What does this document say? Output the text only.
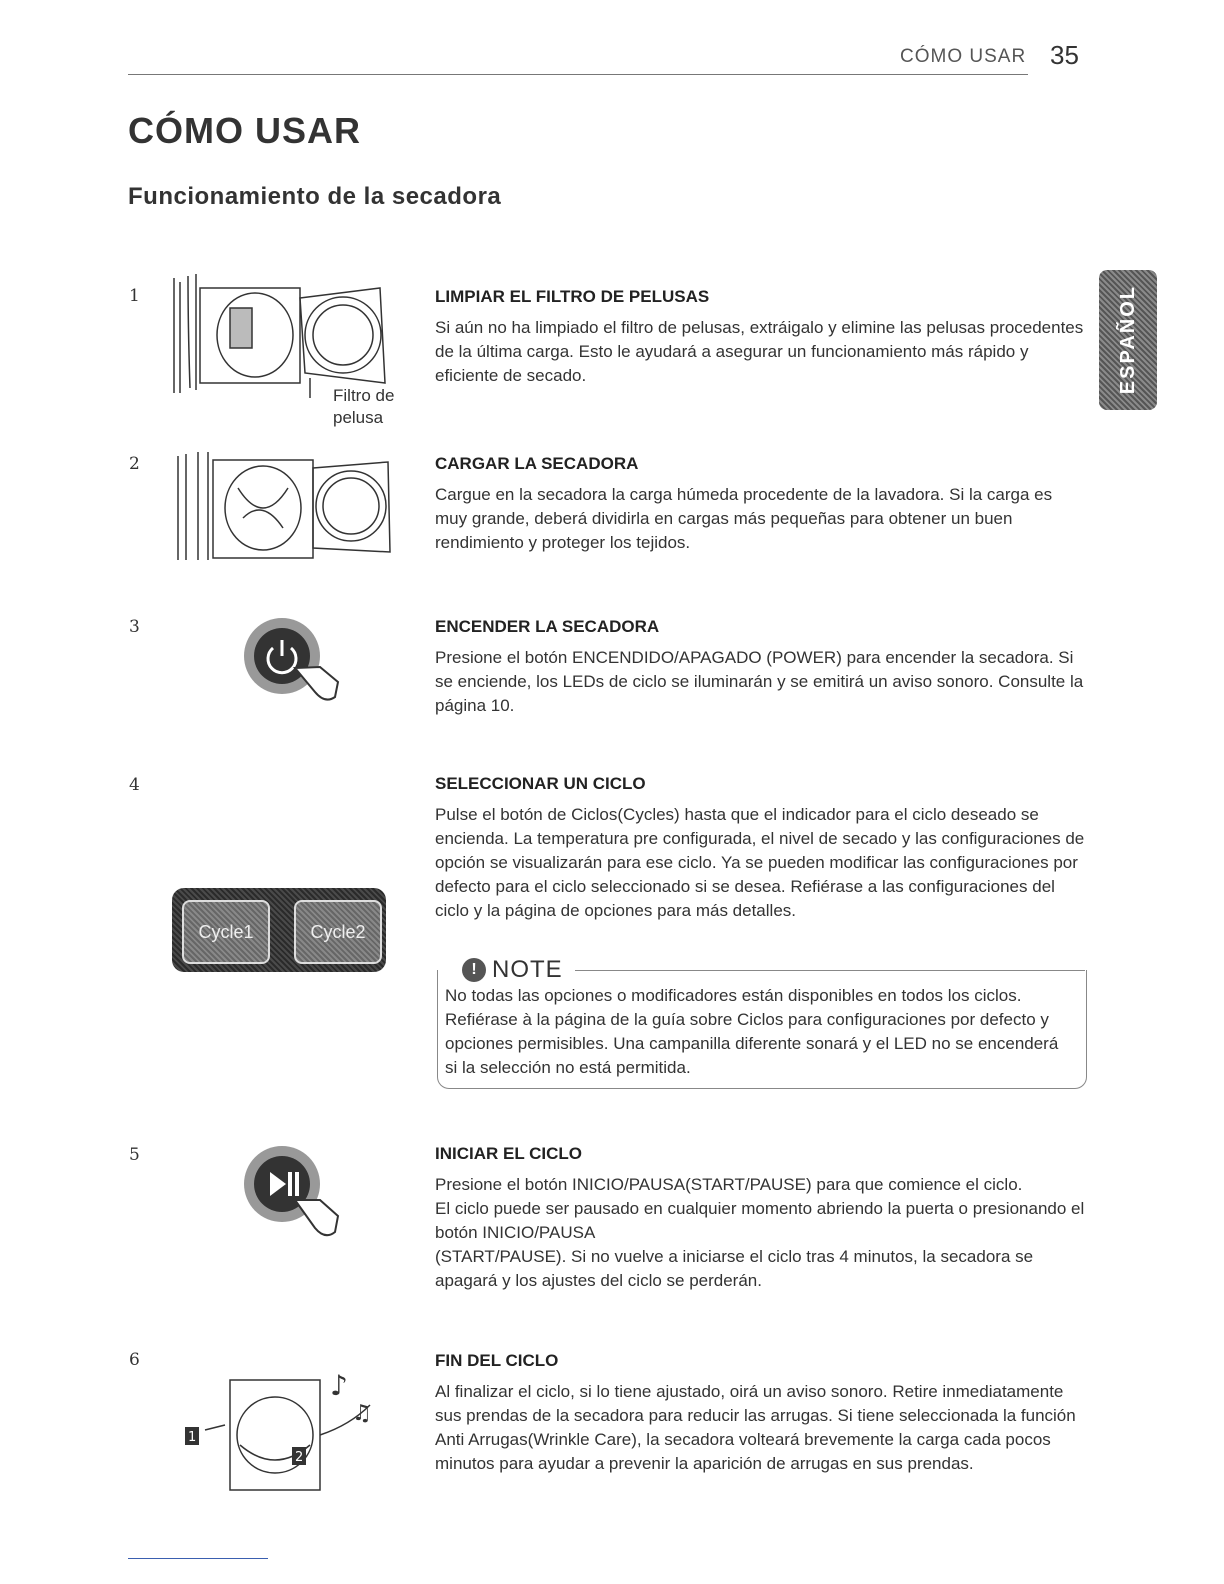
CÓMO USAR 35
CÓMO USAR
Funcionamiento de la secadora
ESPAÑOL
1
Filtro de
pelusa
LIMPIAR EL FILTRO DE PELUSAS
Si aún no ha limpiado el filtro de pelusas, extráigalo y elimine las pelusas procedentes de la última carga. Esto le ayudará a asegurar un funcionamiento más rápido y eficiente de secado.
2	CARGAR LA SECADORA
Cargue en la secadora la carga húmeda procedente de la lavadora. Si la carga es muy grande, deberá dividirla en cargas más pequeñas para obtener un buen rendimiento y proteger los tejidos.
3	ENCENDER LA SECADORA
Presione el botón ENCENDIDO/APAGADO (POWER) para encender la secadora. Si se enciende, los LEDs de ciclo se iluminarán y se emitirá un aviso sonoro. Consulte la página 10.
4
Cycle1	Cycle2
SELECCIONAR UN CICLO
Pulse el botón de Ciclos(Cycles) hasta que el indicador para el ciclo deseado se encienda. La temperatura pre configurada, el nivel de secado y las configuraciones de opción se visualizarán para ese ciclo. Ya se pueden modificar las configuraciones por defecto para el ciclo seleccionado si se desea. Refiérase a las configuraciones del ciclo y la página de opciones para más detalles.
! NOTE
No todas las opciones o modificadores están disponibles en todos los ciclos. Refiérase à la página de la guía sobre Ciclos para configuraciones por defecto y opciones permisibles. Una campanilla diferente sonará y el LED no se encenderá si la selección no está permitida.
5	INICIAR EL CICLO
Presione el botón INICIO/PAUSA(START/PAUSE) para que comience el ciclo.
El ciclo puede ser pausado en cualquier momento abriendo la puerta o presionando el botón INICIO/PAUSA
(START/PAUSE). Si no vuelve a iniciarse el ciclo tras 4 minutos, la secadora se apagará y los ajustes del ciclo se perderán.
6
♪
♫
1
2
FIN DEL CICLO
Al finalizar el ciclo, si lo tiene ajustado, oirá un aviso sonoro. Retire inmediatamente sus prendas de la secadora para reducir las arrugas. Si tiene seleccionada la función Anti Arrugas(Wrinkle Care), la secadora volteará brevemente la carga cada pocos minutos para ayudar a prevenir la aparición de arrugas en sus prendas.
